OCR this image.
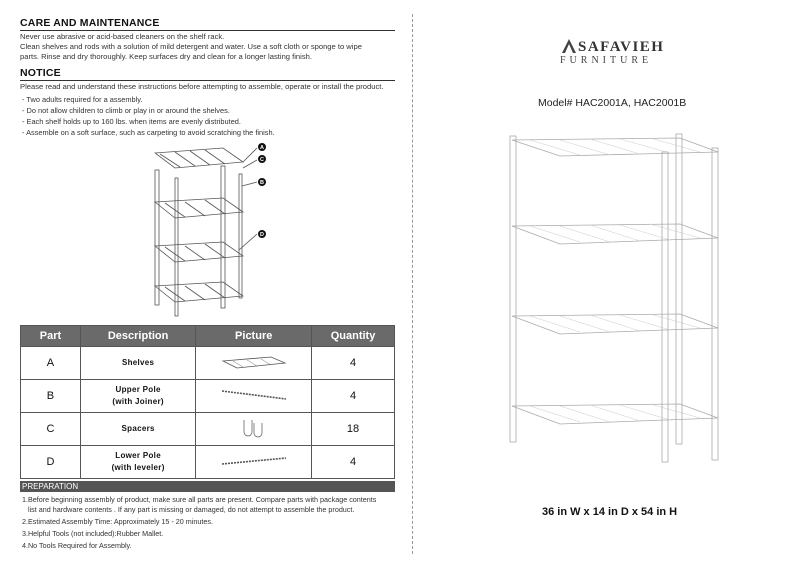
CARE AND MAINTENANCE
Never use abrasive or acid-based cleaners on the shelf rack.
Clean shelves and rods with a solution of mild detergent and water. Use a soft cloth or sponge to wipe
parts. Rinse and dry thoroughly. Keep surfaces dry and clean for a longer lasting finish.
NOTICE
Please read and understand these instructions before attempting to assemble, operate or install the product.
- Two adults required for a assembly.
- Do not allow children to climb or play in or around the shelves.
- Each shelf holds up to 160 lbs. when items are evenly distributed.
- Assemble on a soft surface, such as carpeting to avoid scratching the finish.
A
C
B
D
Part	Description	Picture	Quantity
A	Shelves		4
B	Upper Pole
(with Joiner)		4
C	Spacers		18
D	Lower Pole
(with leveler)		4
PREPARATION
1.Before beginning assembly of product, make sure all parts are present. Compare parts with package contents
list and hardware contents . If any part is missing or damaged, do not attempt to assemble the product.
2.Estimated Assembly Time: Approximately 15 - 20 minutes.
3.Helpful Tools (not included):Rubber Mallet.
4.No Tools Required for Assembly.
SAFAVIEH
FURNITURE
Model# HAC2001A, HAC2001B
36 in W x 14 in D x 54 in H
